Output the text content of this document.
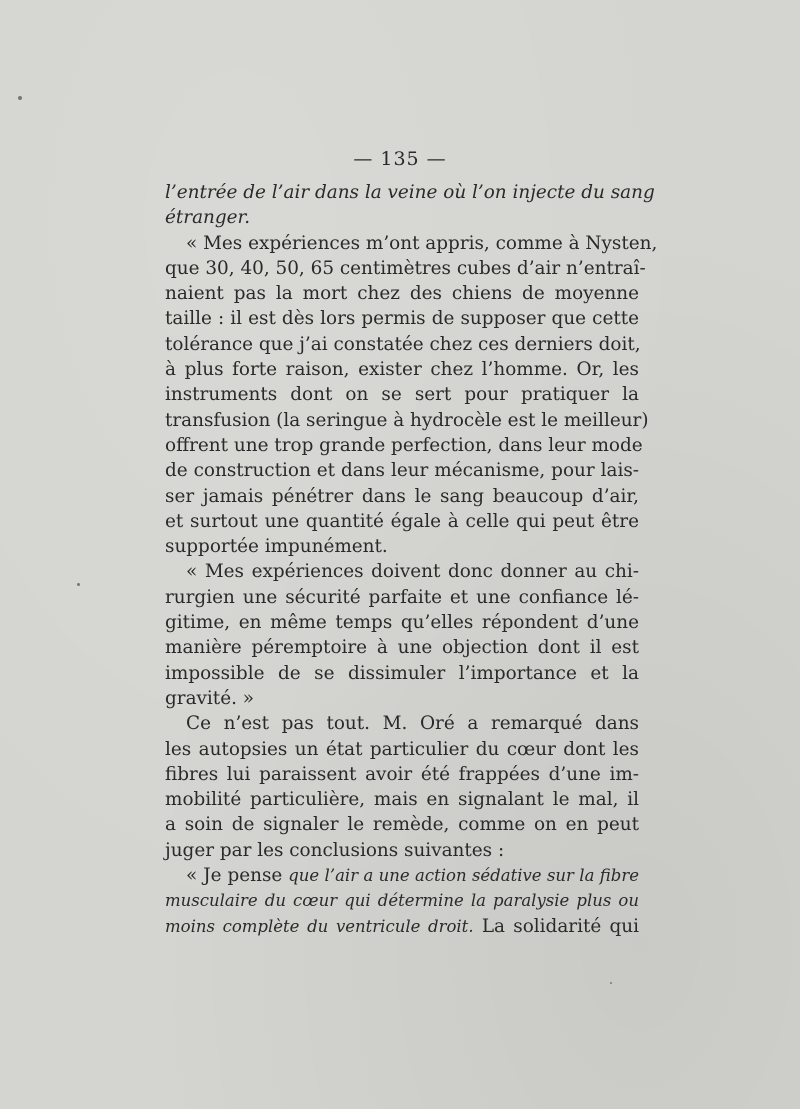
— 135 —
l’entrée de l’air dans la veine où l’on injecte du sang
étranger.
« Mes expériences m’ont appris, comme à Nysten,
que 30, 40, 50, 65 centimètres cubes d’air n’entraî-
naient pas la mort chez des chiens de moyenne
taille : il est dès lors permis de supposer que cette
tolérance que j’ai constatée chez ces derniers doit,
à plus forte raison, exister chez l’homme. Or, les
instruments dont on se sert pour pratiquer la
transfusion (la seringue à hydrocèle est le meilleur)
offrent une trop grande perfection, dans leur mode
de construction et dans leur mécanisme, pour lais-
ser jamais pénétrer dans le sang beaucoup d’air,
et surtout une quantité égale à celle qui peut être
supportée impunément.
« Mes expériences doivent donc donner au chi-
rurgien une sécurité parfaite et une confiance lé-
gitime, en même temps qu’elles répondent d’une
manière péremptoire à une objection dont il est
impossible de se dissimuler l’importance et la
gravité. »
Ce n’est pas tout. M. Oré a remarqué dans
les autopsies un état particulier du cœur dont les
fibres lui paraissent avoir été frappées d’une im-
mobilité particulière, mais en signalant le mal, il
a soin de signaler le remède, comme on en peut
juger par les conclusions suivantes :
« Je pense que l’air a une action sédative sur la fibre
musculaire du cœur qui détermine la paralysie plus ou
moins complète du ventricule droit. La solidarité qui
